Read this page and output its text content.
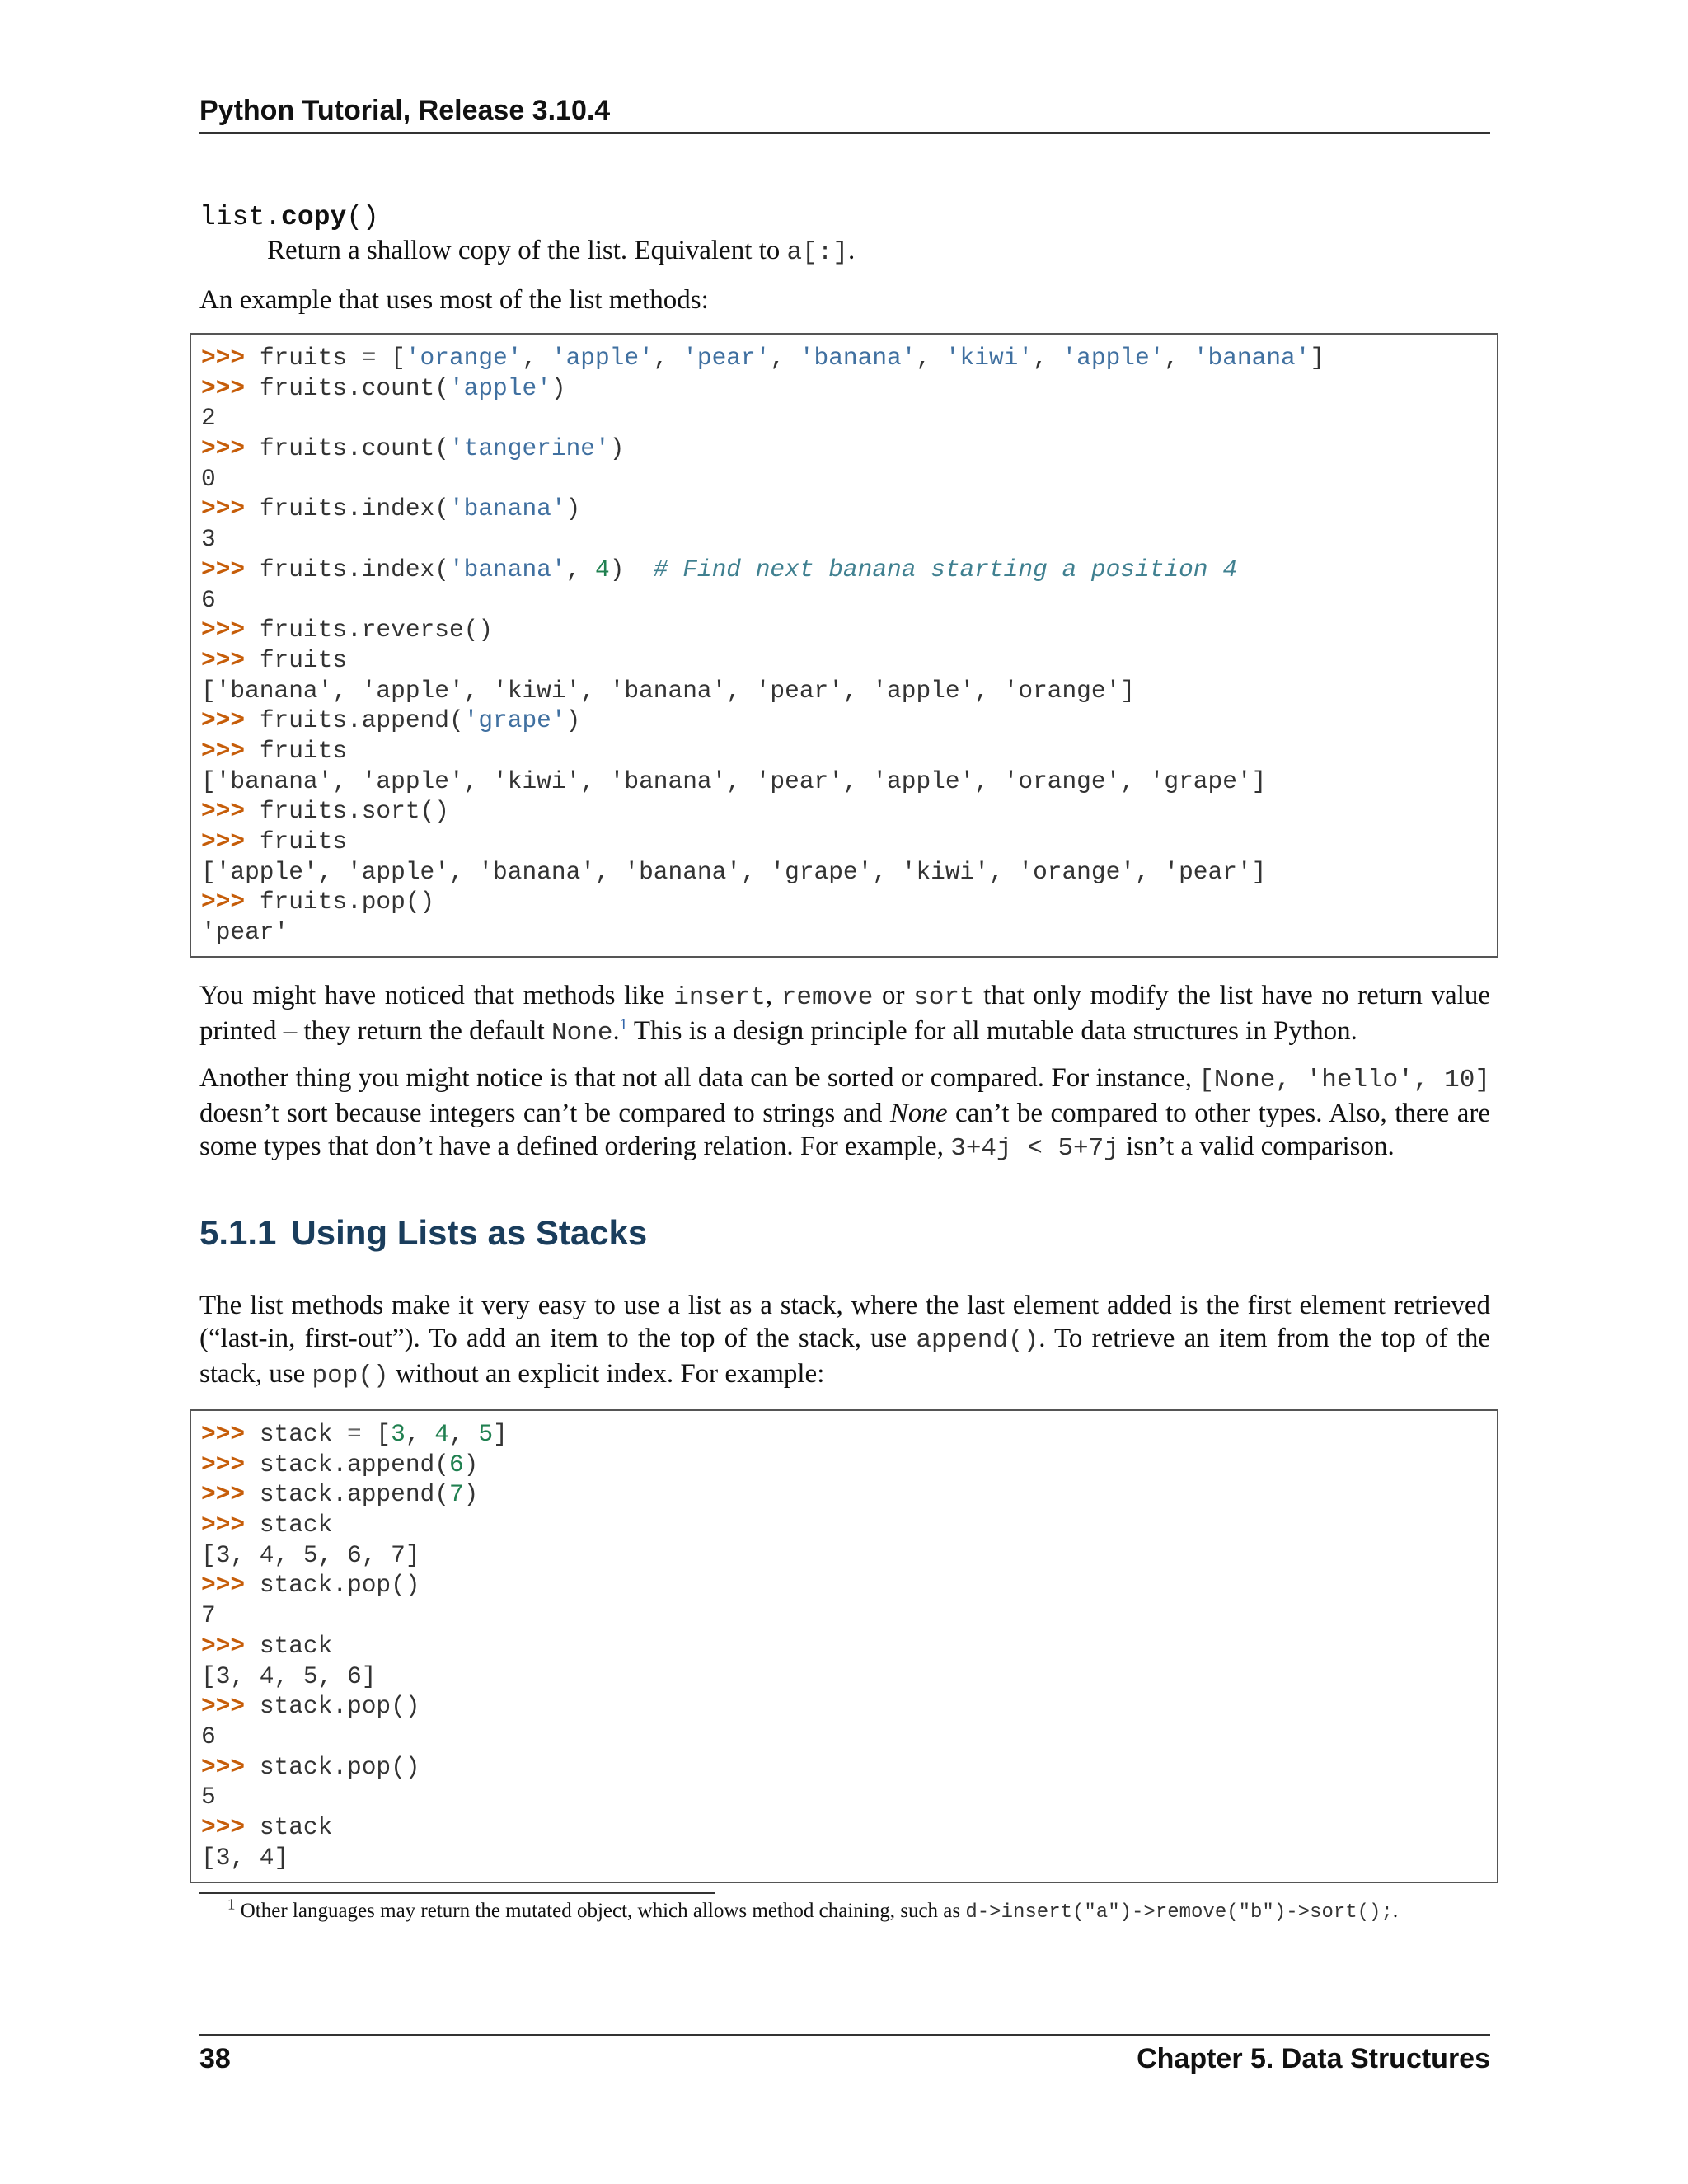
Python Tutorial, Release 3.10.4
list.copy()
Return a shallow copy of the list. Equivalent to a[:].
An example that uses most of the list methods:
>>> fruits = ['orange', 'apple', 'pear', 'banana', 'kiwi', 'apple', 'banana']
>>> fruits.count('apple')
2
>>> fruits.count('tangerine')
0
>>> fruits.index('banana')
3
>>> fruits.index('banana', 4)  # Find next banana starting a position 4
6
>>> fruits.reverse()
>>> fruits
['banana', 'apple', 'kiwi', 'banana', 'pear', 'apple', 'orange']
>>> fruits.append('grape')
>>> fruits
['banana', 'apple', 'kiwi', 'banana', 'pear', 'apple', 'orange', 'grape']
>>> fruits.sort()
>>> fruits
['apple', 'apple', 'banana', 'banana', 'grape', 'kiwi', 'orange', 'pear']
>>> fruits.pop()
'pear'
You might have noticed that methods like insert, remove or sort that only modify the list have no return value printed – they return the default None.$^1$ This is a design principle for all mutable data structures in Python.
Another thing you might notice is that not all data can be sorted or compared. For instance, [None, 'hello', 10] doesn’t sort because integers can’t be compared to strings and None can’t be compared to other types. Also, there are some types that don’t have a defined ordering relation. For example, 3+4j < 5+7j isn’t a valid comparison.
5.1.1 Using Lists as Stacks
The list methods make it very easy to use a list as a stack, where the last element added is the first element retrieved (“last-in, first-out”). To add an item to the top of the stack, use append(). To retrieve an item from the top of the stack, use pop() without an explicit index. For example:
>>> stack = [3, 4, 5]
>>> stack.append(6)
>>> stack.append(7)
>>> stack
[3, 4, 5, 6, 7]
>>> stack.pop()
7
>>> stack
[3, 4, 5, 6]
>>> stack.pop()
6
>>> stack.pop()
5
>>> stack
[3, 4]
$^1$ Other languages may return the mutated object, which allows method chaining, such as d->insert("a")->remove("b")->sort();.
38	Chapter 5. Data Structures
